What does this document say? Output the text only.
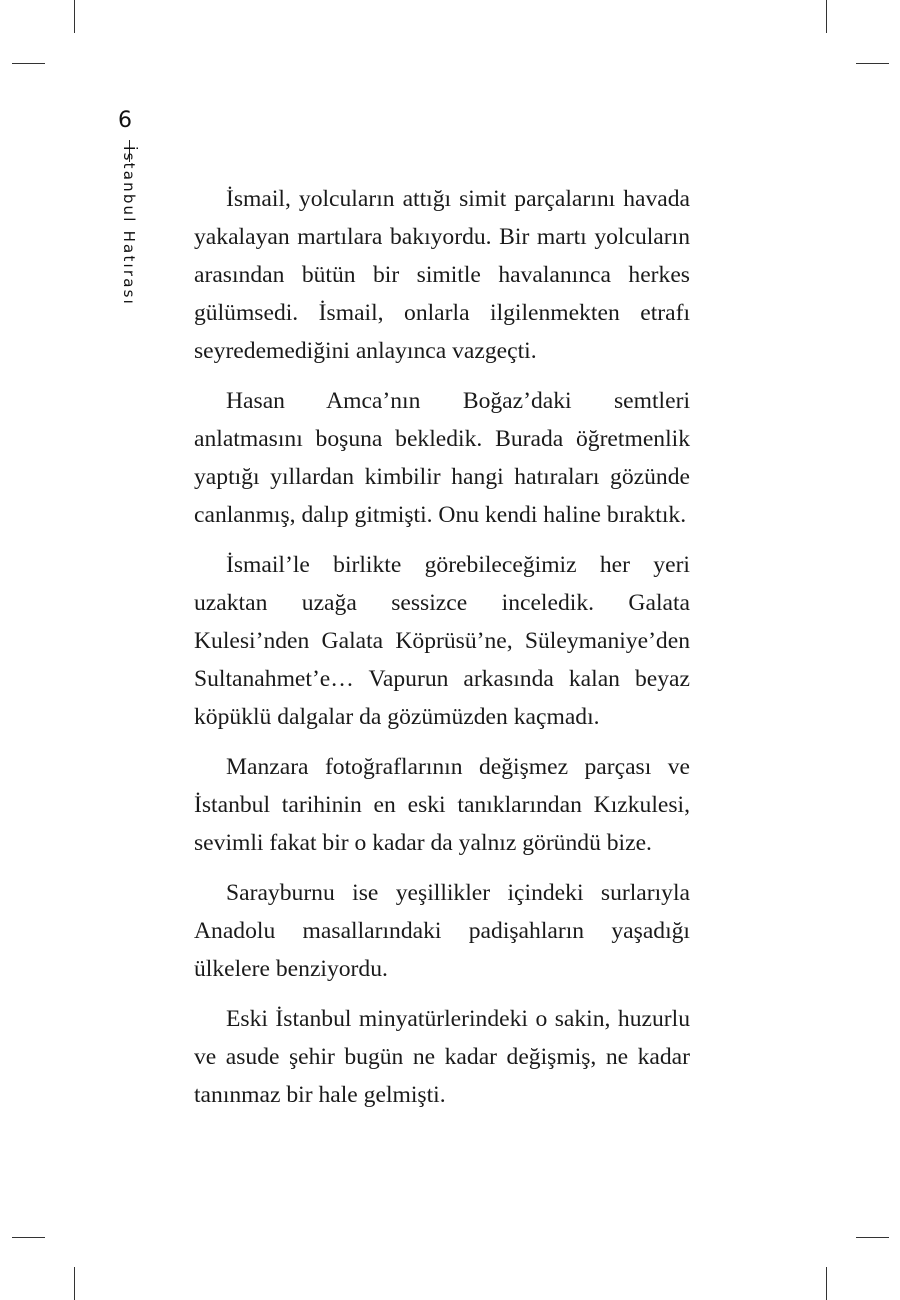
6
İstanbul Hatırası	İsmail, yolcuların attığı simit parçalarını havada yakalayan martılara bakıyordu. Bir martı yolcuların arasından bütün bir simitle havalanınca herkes gülümsedi. İsmail, onlarla ilgilenmekten etrafı seyredemediğini anlayınca vazgeçti.

Hasan Amca’nın Boğaz’daki semtleri anlatmasını boşuna bekledik. Burada öğretmenlik yaptığı yıllardan kimbilir hangi hatıraları gözünde canlanmış, dalıp gitmişti. Onu kendi haline bıraktık.

İsmail’le birlikte görebileceğimiz her yeri uzaktan uzağa sessizce inceledik. Galata Kulesi’nden Galata Köprüsü’ne, Süleymaniye’den Sultanahmet’e… Vapurun arkasında kalan beyaz köpüklü dalgalar da gözümüzden kaçmadı.

Manzara fotoğraflarının değişmez parçası ve İstanbul tarihinin en eski tanıklarından Kızkulesi, sevimli fakat bir o kadar da yalnız göründü bize.

Sarayburnu ise yeşillikler içindeki surlarıyla Anadolu masallarındaki padişahların yaşadığı ülkelere benziyordu.

Eski İstanbul minyatürlerindeki o sakin, huzurlu ve asude şehir bugün ne kadar değişmiş, ne kadar tanınmaz bir hale gelmişti.
